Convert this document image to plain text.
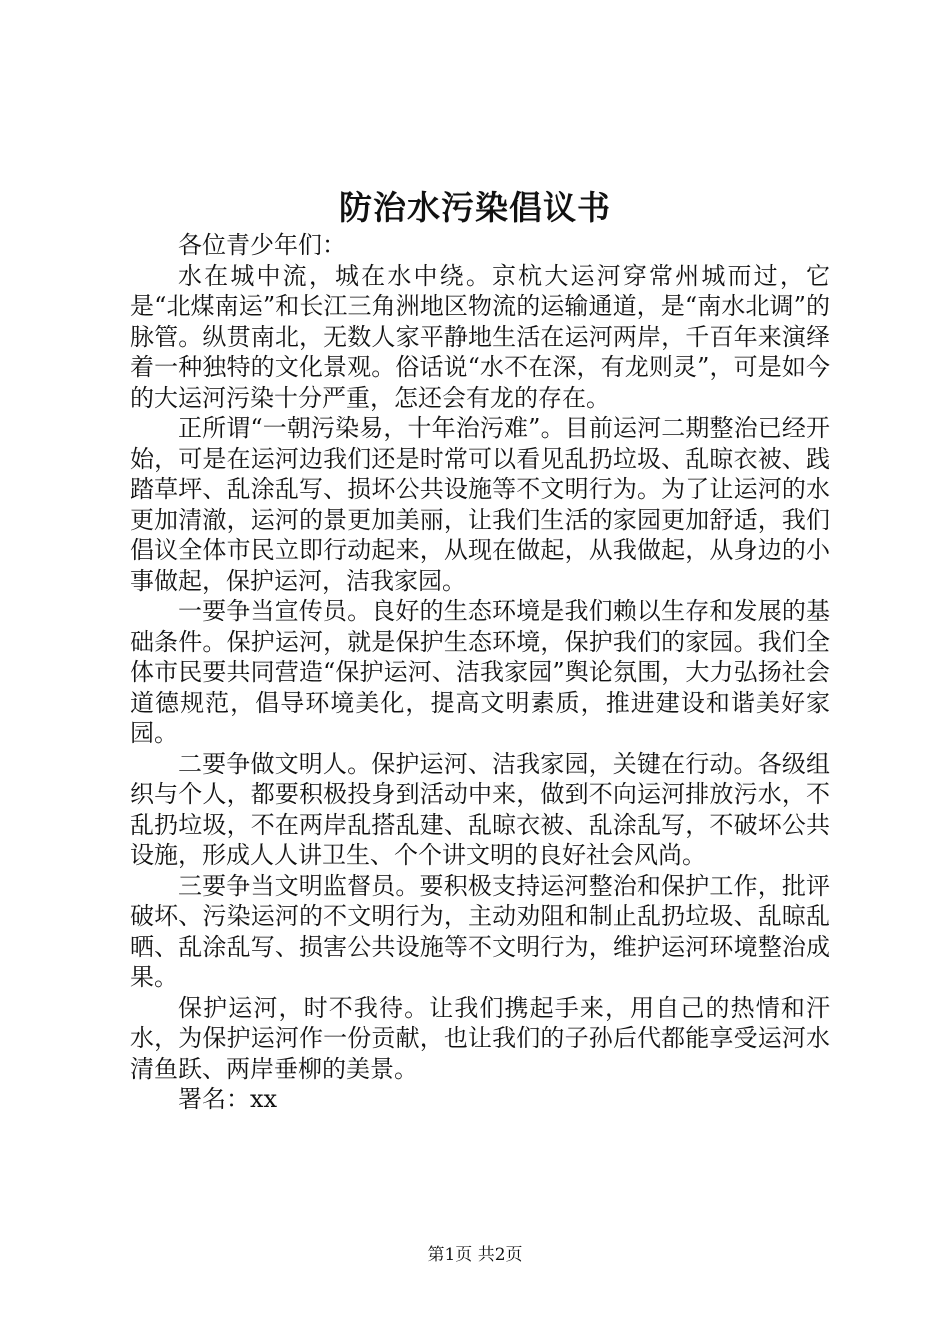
防治水污染倡议书

各位青少年们：

水在城中流，城在水中绕。京杭大运河穿常州城而过，它是“北煤南运”和长江三角洲地区物流的运输通道，是“南水北调”的脉管。纵贯南北，无数人家平静地生活在运河两岸，千百年来演绎着一种独特的文化景观。俗话说“水不在深，有龙则灵”，可是如今的大运河污染十分严重，怎还会有龙的存在。

正所谓“一朝污染易，十年治污难”。目前运河二期整治已经开始，可是在运河边我们还是时常可以看见乱扔垃圾、乱晾衣被、践踏草坪、乱涂乱写、损坏公共设施等不文明行为。为了让运河的水更加清澈，运河的景更加美丽，让我们生活的家园更加舒适，我们倡议全体市民立即行动起来，从现在做起，从我做起，从身边的小事做起，保护运河，洁我家园。

一要争当宣传员。良好的生态环境是我们赖以生存和发展的基础条件。保护运河，就是保护生态环境，保护我们的家园。我们全体市民要共同营造“保护运河、洁我家园”舆论氛围，大力弘扬社会道德规范，倡导环境美化，提高文明素质，推进建设和谐美好家园。

二要争做文明人。保护运河、洁我家园，关键在行动。各级组织与个人，都要积极投身到活动中来，做到不向运河排放污水，不乱扔垃圾，不在两岸乱搭乱建、乱晾衣被、乱涂乱写，不破坏公共设施，形成人人讲卫生、个个讲文明的良好社会风尚。

三要争当文明监督员。要积极支持运河整治和保护工作，批评破坏、污染运河的不文明行为，主动劝阻和制止乱扔垃圾、乱晾乱晒、乱涂乱写、损害公共设施等不文明行为，维护运河环境整治成果。

保护运河，时不我待。让我们携起手来，用自己的热情和汗水，为保护运河作一份贡献，也让我们的子孙后代都能享受运河水清鱼跃、两岸垂柳的美景。

署名：xx

第1页 共2页
